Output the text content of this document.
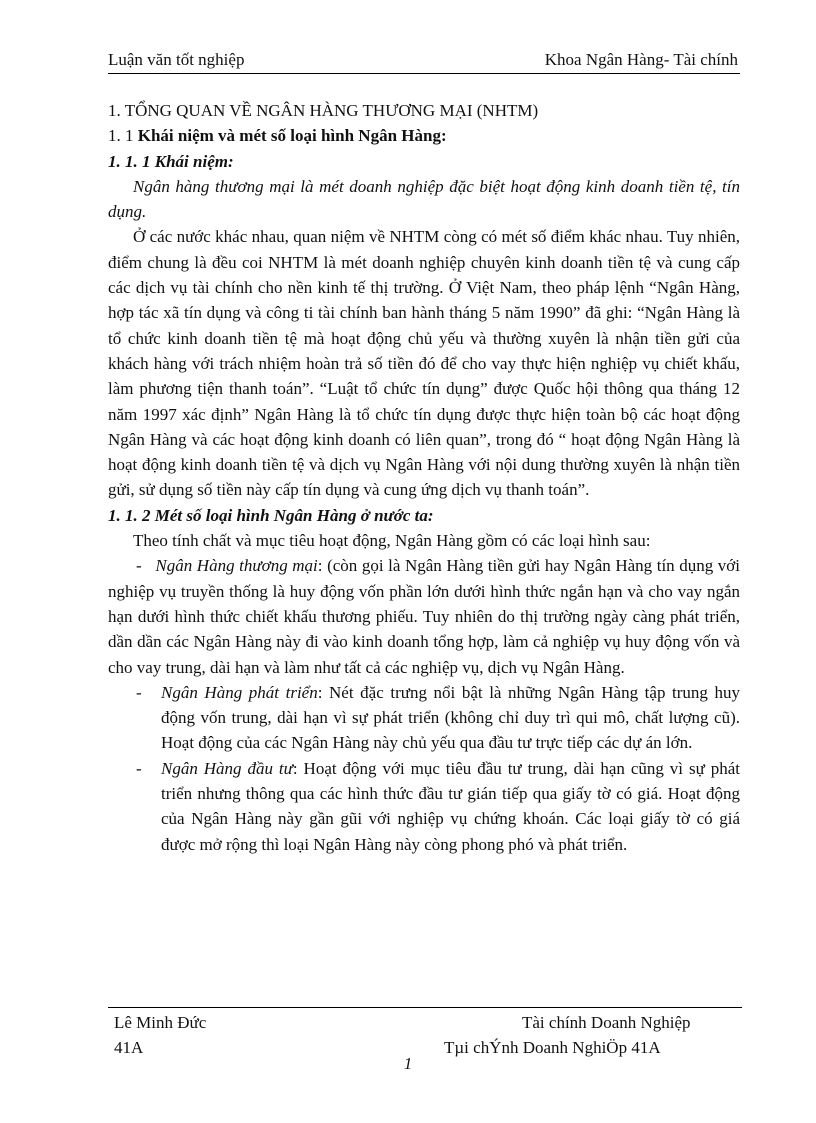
Luận văn tốt nghiệp	Khoa Ngân Hàng- Tài chính

1. TỔNG QUAN VỀ NGÂN HÀNG THƯƠNG MẠI (NHTM)

1. 1 Khái niệm và mét số loại hình Ngân Hàng:

1. 1. 1 Khái niệm:

Ngân hàng thương mại là mét doanh nghiệp đặc biệt hoạt động kinh doanh tiền tệ, tín dụng.

Ở các nước khác nhau, quan niệm về NHTM còng có mét số điểm khác nhau. Tuy nhiên, điểm chung là đều coi NHTM là mét doanh nghiệp chuyên kinh doanh tiền tệ và cung cấp các dịch vụ tài chính cho nền kinh tế thị trường. Ở Việt Nam, theo pháp lệnh “Ngân Hàng, hợp tác xã tín dụng và công ti tài chính ban hành tháng 5 năm 1990” đã ghi: “Ngân Hàng là tổ chức kinh doanh tiền tệ mà hoạt động chủ yếu và thường xuyên là nhận tiền gửi của khách hàng với trách nhiệm hoàn trả số tiền đó để cho vay thực hiện nghiệp vụ chiết khấu, làm phương tiện thanh toán”. “Luật tổ chức tín dụng” được Quốc hội thông qua tháng 12 năm 1997 xác định” Ngân Hàng là tổ chức tín dụng được thực hiện toàn bộ các hoạt động Ngân Hàng và các hoạt động kinh doanh có liên quan”, trong đó “ hoạt động Ngân Hàng là hoạt động kinh doanh tiền tệ và dịch vụ Ngân Hàng với nội dung thường xuyên là nhận tiền gửi, sử dụng số tiền này cấp tín dụng và cung ứng dịch vụ thanh toán”.

1. 1. 2 Mét số loại hình Ngân Hàng ở nước ta:

Theo tính chất và mục tiêu hoạt động, Ngân Hàng gồm có các loại hình sau:

- Ngân Hàng thương mại: (còn gọi là Ngân Hàng tiền gửi hay Ngân Hàng tín dụng với nghiệp vụ truyền thống là huy động vốn phần lớn dưới hình thức ngắn hạn và cho vay ngắn hạn dưới hình thức chiết khấu thương phiếu. Tuy nhiên do thị trường ngày càng phát triển, dần dần các Ngân Hàng này đi vào kinh doanh tổng hợp, làm cả nghiệp vụ huy động vốn và cho vay trung, dài hạn và làm như tất cả các nghiệp vụ, dịch vụ Ngân Hàng.

- Ngân Hàng phát triển: Nét đặc trưng nổi bật là những Ngân Hàng tập trung huy động vốn trung, dài hạn vì sự phát triển (không chỉ duy trì qui mô, chất lượng cũ). Hoạt động của các Ngân Hàng này chủ yếu qua đầu tư trực tiếp các dự án lớn.

- Ngân Hàng đầu tư: Hoạt động với mục tiêu đầu tư trung, dài hạn cũng vì sự phát triển nhưng thông qua các hình thức đầu tư gián tiếp qua giấy tờ có giá. Hoạt động của Ngân Hàng này gần gũi với nghiệp vụ chứng khoán. Các loại giấy tờ có giá được mở rộng thì loại Ngân Hàng này còng phong phó và phát triển.

Lê Minh Đức	Tài chính Doanh Nghiệp
41A	Tµi chÝnh Doanh NghiÖp 41A
1
